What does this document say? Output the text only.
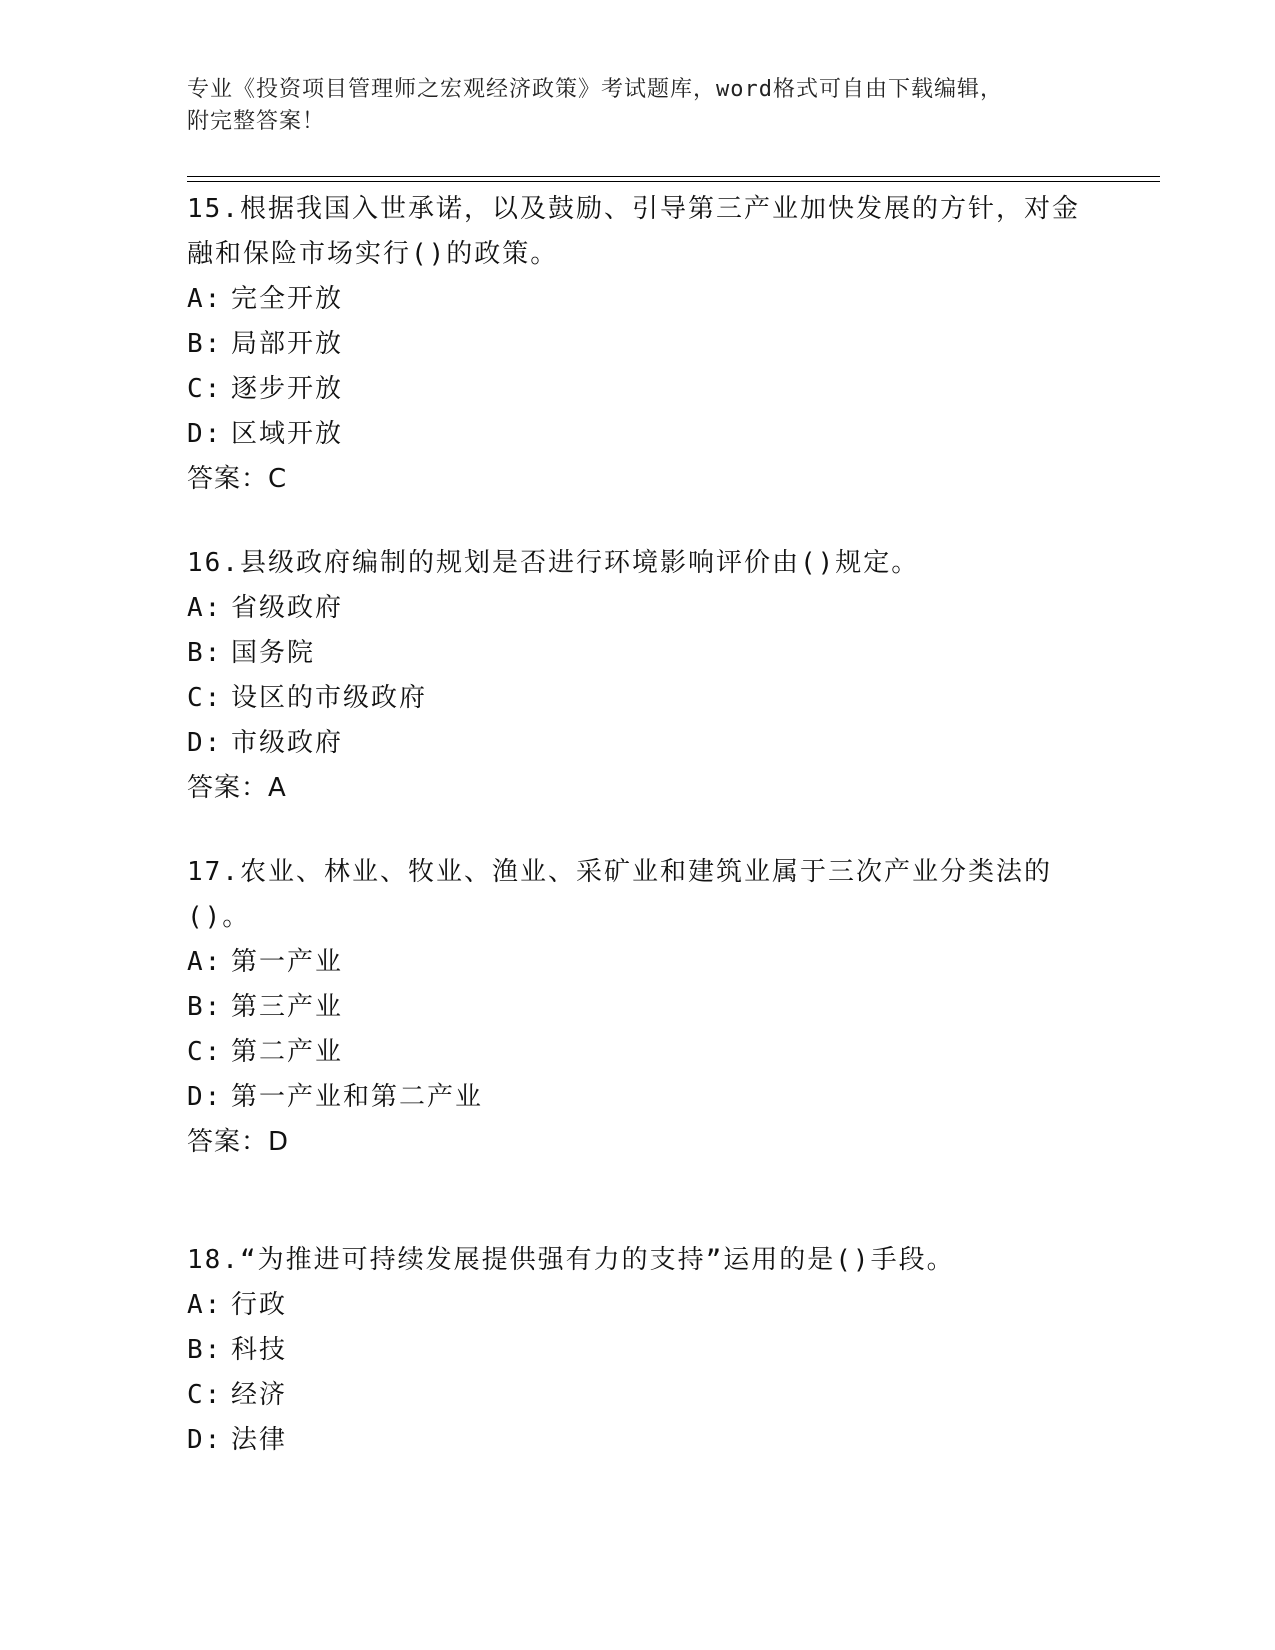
专业《投资项目管理师之宏观经济政策》考试题库，word格式可自由下载编辑，
附完整答案！
15.根据我国入世承诺，以及鼓励、引导第三产业加快发展的方针，对金融和保险市场实行()的政策。
A: 完全开放
B: 局部开放
C: 逐步开放
D: 区域开放
答案：C
16.县级政府编制的规划是否进行环境影响评价由()规定。
A: 省级政府
B: 国务院
C: 设区的市级政府
D: 市级政府
答案：A
17.农业、林业、牧业、渔业、采矿业和建筑业属于三次产业分类法的()。
A: 第一产业
B: 第三产业
C: 第二产业
D: 第一产业和第二产业
答案：D
18.“为推进可持续发展提供强有力的支持”运用的是()手段。
A: 行政
B: 科技
C: 经济
D: 法律
